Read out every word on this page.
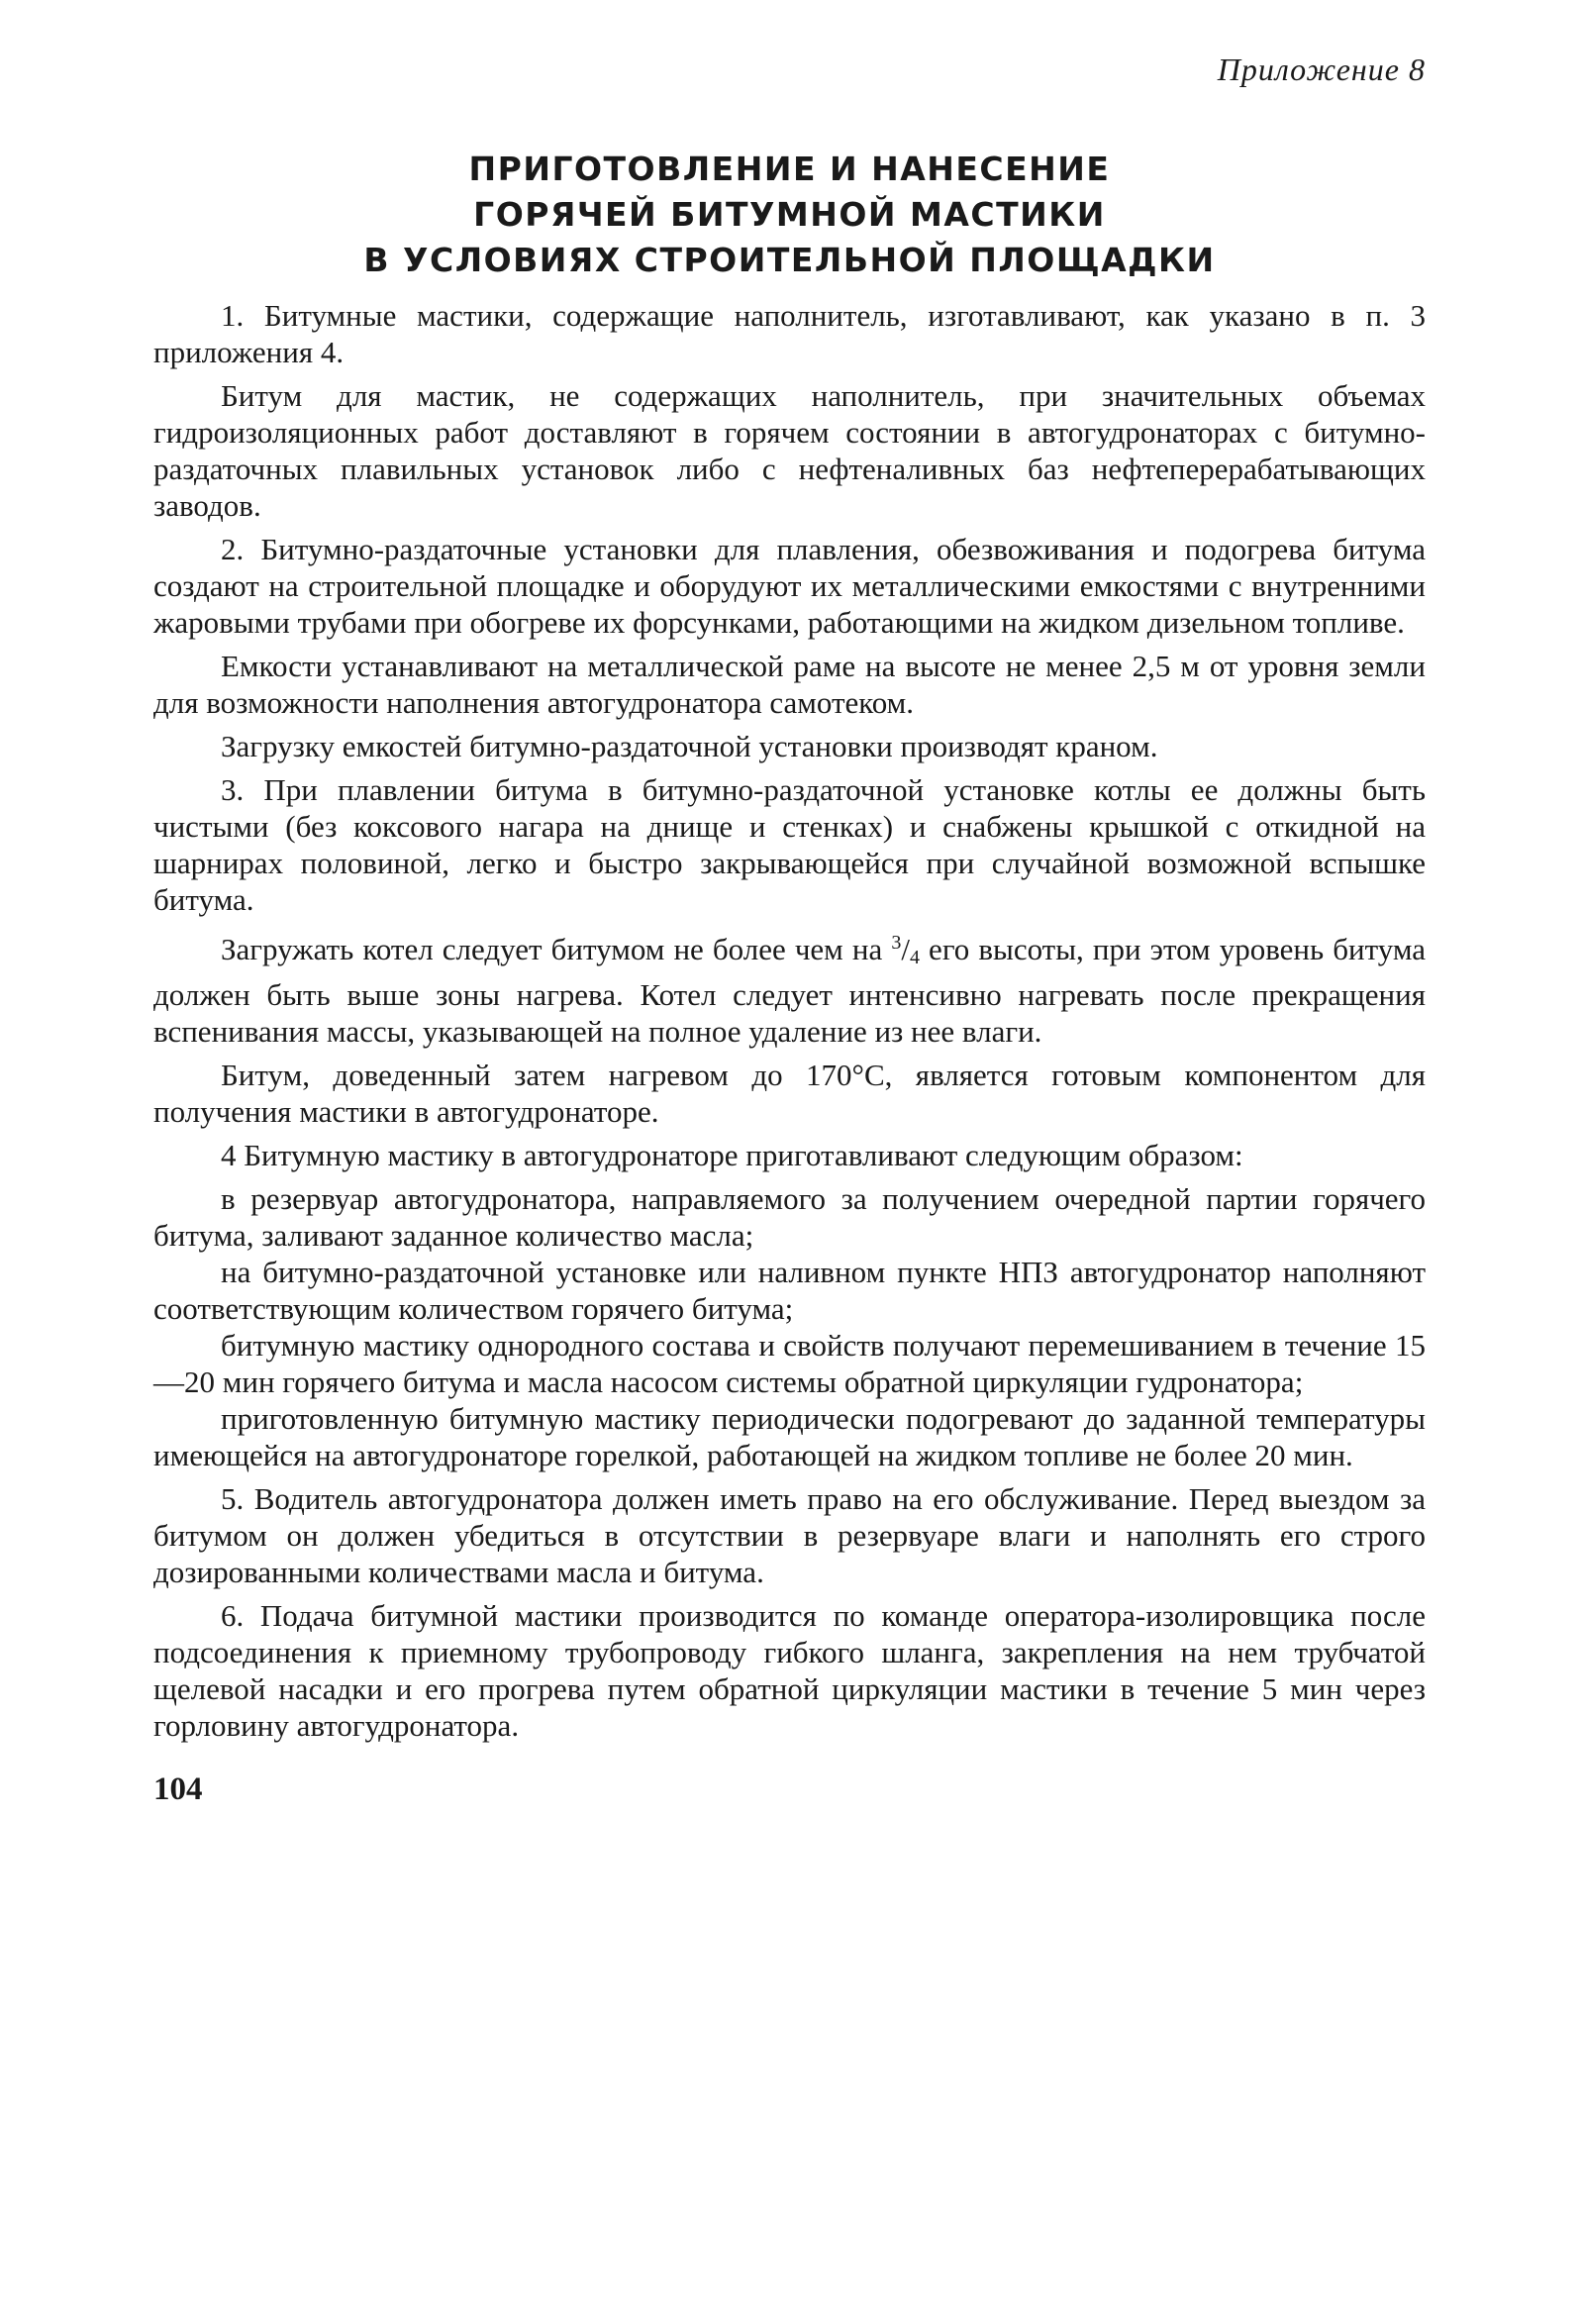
Приложение 8
ПРИГОТОВЛЕНИЕ И НАНЕСЕНИЕ
ГОРЯЧЕЙ БИТУМНОЙ МАСТИКИ
В УСЛОВИЯХ СТРОИТЕЛЬНОЙ ПЛОЩАДКИ

1. Битумные мастики, содержащие наполнитель, изготавливают, как указано в п. 3 приложения 4.

Битум для мастик, не содержащих наполнитель, при значительных объемах гидроизоляционных работ доставляют в горячем состоянии в автогудронаторах с битумно-раздаточных плавильных установок либо с нефтеналивных баз нефтеперерабатывающих заводов.

2. Битумно-раздаточные установки для плавления, обезвоживания и подогрева битума создают на строительной площадке и оборудуют их металлическими емкостями с внутренними жаровыми трубами при обогреве их форсунками, работающими на жидком дизельном топливе.

Емкости устанавливают на металлической раме на высоте не менее 2,5 м от уровня земли для возможности наполнения автогудронатора самотеком.

Загрузку емкостей битумно-раздаточной установки производят краном.

3. При плавлении битума в битумно-раздаточной установке котлы ее должны быть чистыми (без коксового нагара на днище и стенках) и снабжены крышкой с откидной на шарнирах половиной, легко и быстро закрывающейся при случайной возможной вспышке битума.

Загружать котел следует битумом не более чем на $^3/_4$ его высоты, при этом уровень битума должен быть выше зоны нагрева. Котел следует интенсивно нагревать после прекращения вспенивания массы, указывающей на полное удаление из нее влаги.

Битум, доведенный затем нагревом до 170°С, является готовым компонентом для получения мастики в автогудронаторе.

4 Битумную мастику в автогудронаторе приготавливают следующим образом:

в резервуар автогудронатора, направляемого за получением очередной партии горячего битума, заливают заданное количество масла;

на битумно-раздаточной установке или наливном пункте НПЗ автогудронатор наполняют соответствующим количеством горячего битума;

битумную мастику однородного состава и свойств получают перемешиванием в течение 15—20 мин горячего битума и масла насосом системы обратной циркуляции гудронатора;

приготовленную битумную мастику периодически подогревают до заданной температуры имеющейся на автогудронаторе горелкой, работающей на жидком топливе не более 20 мин.

5. Водитель автогудронатора должен иметь право на его обслуживание. Перед выездом за битумом он должен убедиться в отсутствии в резервуаре влаги и наполнять его строго дозированными количествами масла и битума.

6. Подача битумной мастики производится по команде оператора-изолировщика после подсоединения к приемному трубопроводу гибкого шланга, закрепления на нем трубчатой щелевой насадки и его прогрева путем обратной циркуляции мастики в течение 5 мин через горловину автогудронатора.

104
